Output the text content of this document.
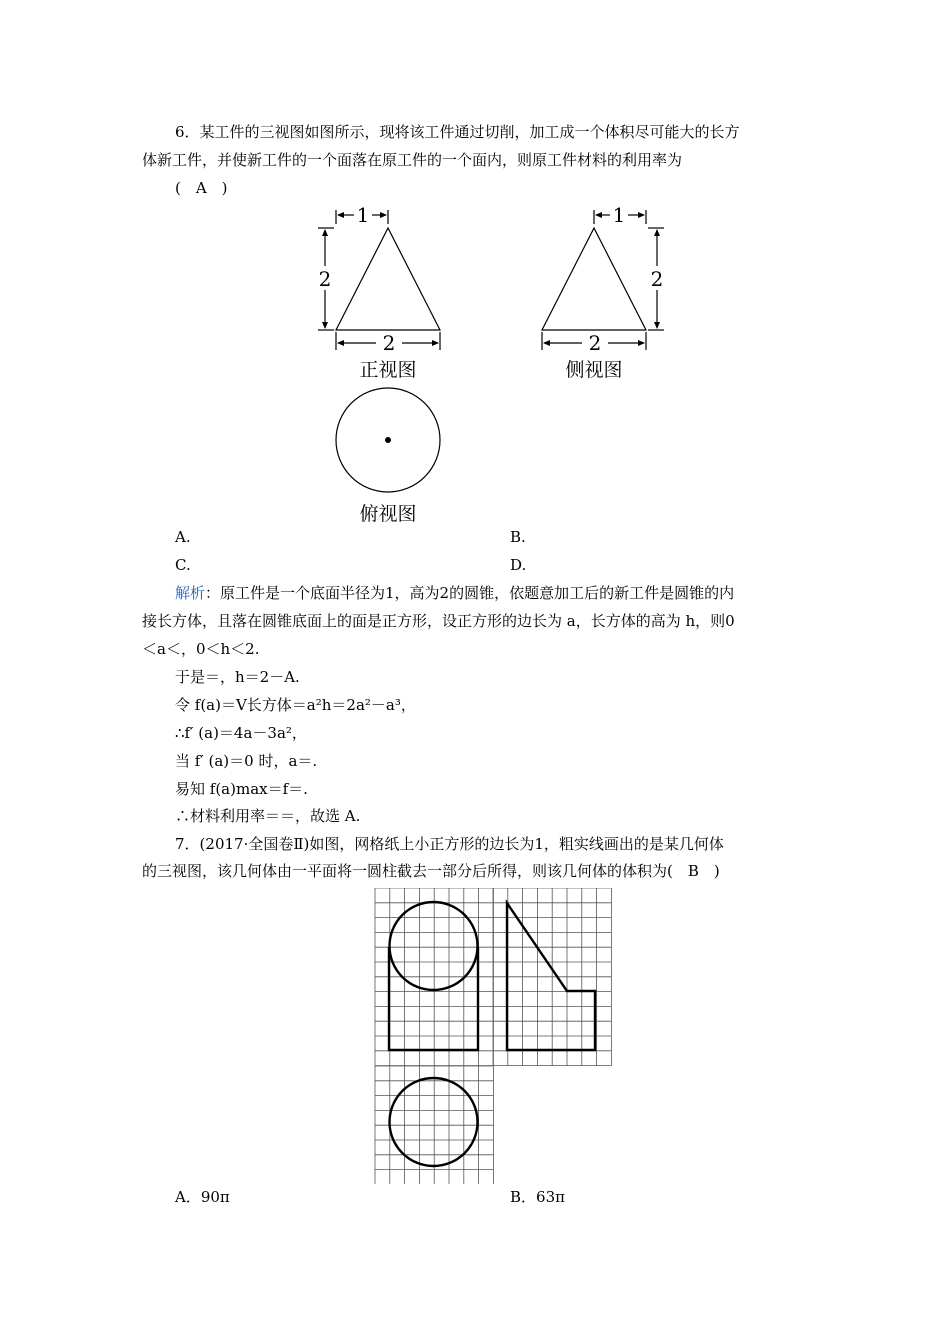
6．某工件的三视图如图所示，现将该工件通过切削，加工成一个体积尽可能大的长方
体新工件，并使新工件的一个面落在原工件的一个面内，则原工件材料的利用率为
(　A　)
1
2
2
1
2
2
正视图	侧视图
俯视图
A.	B.
C.	D.
解析：原工件是一个底面半径为1，高为2的圆锥，依题意加工后的新工件是圆锥的内
接长方体，且落在圆锥底面上的面是正方形，设正方形的边长为 a，长方体的高为 h，则0
＜a＜，0＜h＜2.
于是＝，h＝2－A.
令 f(a)＝V长方体＝a²h＝2a²－a³，
∴f′ (a)＝4a－3a²，
当 f′ (a)＝0 时，a＝.
易知 f(a)max＝f＝.
∴材料利用率＝＝，故选 A.
7．(2017·全国卷Ⅱ)如图，网格纸上小正方形的边长为1，粗实线画出的是某几何体
的三视图，该几何体由一平面将一圆柱截去一部分后所得，则该几何体的体积为(　B　)
A．90π	B．63π
